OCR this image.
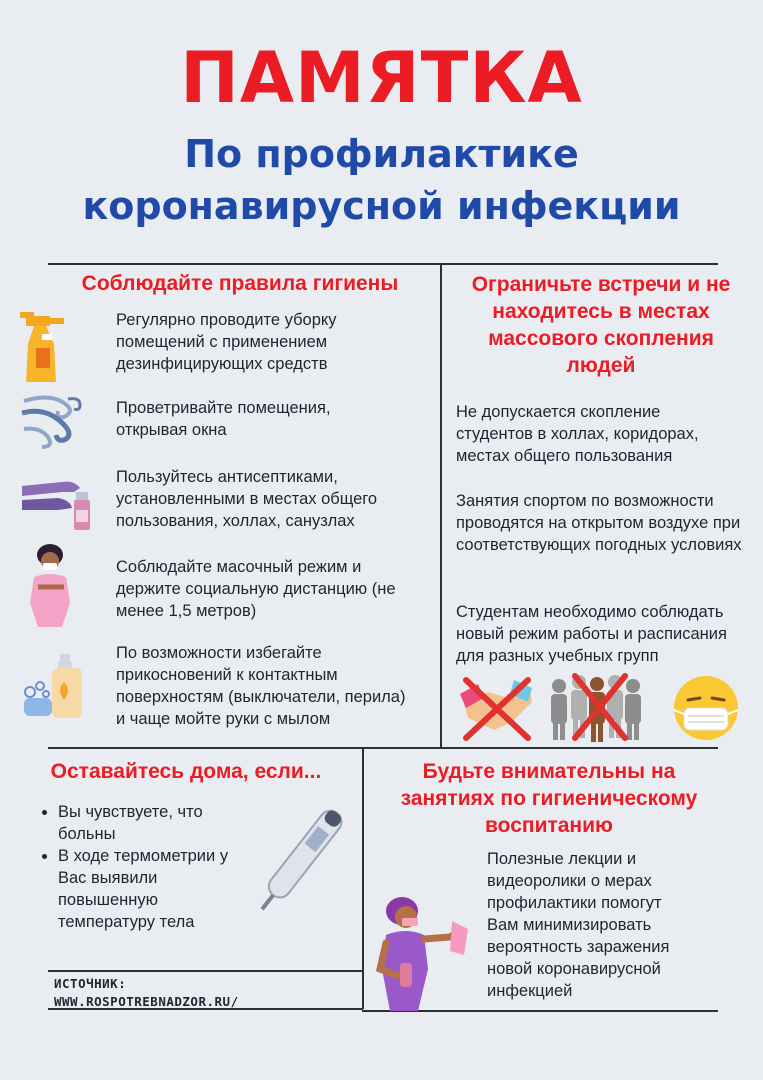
ПАМЯТКА
По профилактике
коронавирусной инфекции
Соблюдайте правила гигиены
Регулярно проводите уборку помещений с применением дезинфицирующих средств
Проветривайте помещения, открывая окна
Пользуйтесь антисептиками, установленными в местах общего пользования, холлах, санузлах
Соблюдайте масочный режим и держите социальную дистанцию (не менее 1,5 метров)
По возможности избегайте прикосновений к контактным поверхностям (выключатели, перила) и чаще мойте руки с мылом
Ограничьте встречи и не
находитесь в местах
массового скопления
людей
Не допускается скопление студентов в холлах, коридорах, местах общего пользования
Занятия спортом по возможности проводятся на открытом воздухе при соответствующих погодных условиях
Студентам необходимо соблюдать новый режим работы и расписания для разных учебных групп
Оставайтесь дома, если...
• Вы чувствуете, что больны
• В ходе термометрии у Вас выявили повышенную температуру тела
ИСТОЧНИК:
WWW.ROSPOTREBNADZOR.RU/
Будьте внимательны на
занятиях по гигиеническому
воспитанию
Полезные лекции и видеоролики о мерах профилактики помогут Вам минимизировать вероятность заражения новой коронавирусной инфекцией
